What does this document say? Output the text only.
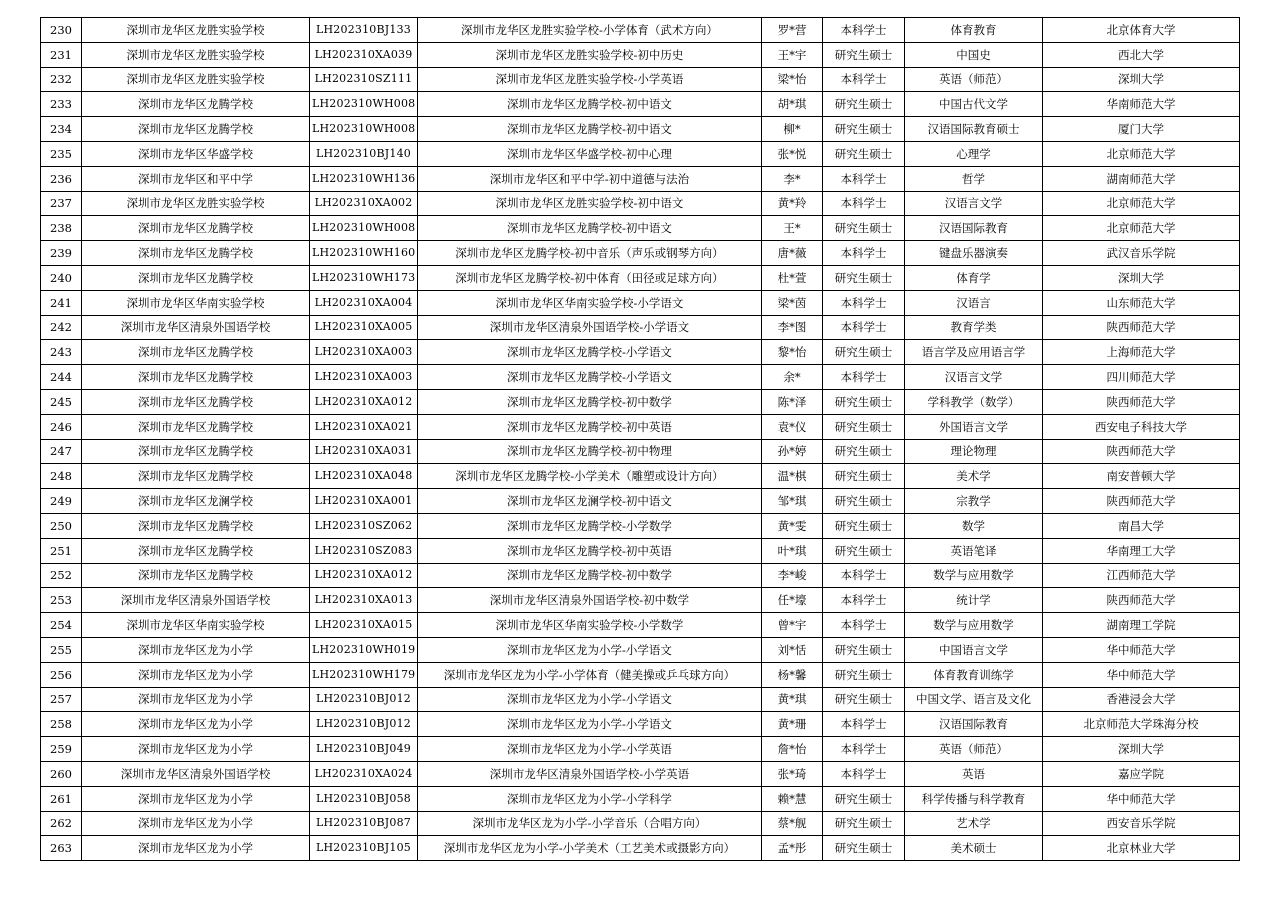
230	深圳市龙华区龙胜实验学校	LH202310BJ133	深圳市龙华区龙胜实验学校-小学体育（武术方向）	罗*营	本科学士	体育教育	北京体育大学
231	深圳市龙华区龙胜实验学校	LH202310XA039	深圳市龙华区龙胜实验学校-初中历史	王*宇	研究生硕士	中国史	西北大学
232	深圳市龙华区龙胜实验学校	LH202310SZ111	深圳市龙华区龙胜实验学校-小学英语	梁*怡	本科学士	英语（师范）	深圳大学
233	深圳市龙华区龙腾学校	LH202310WH008	深圳市龙华区龙腾学校-初中语文	胡*琪	研究生硕士	中国古代文学	华南师范大学
234	深圳市龙华区龙腾学校	LH202310WH008	深圳市龙华区龙腾学校-初中语文	柳*	研究生硕士	汉语国际教育硕士	厦门大学
235	深圳市龙华区华盛学校	LH202310BJ140	深圳市龙华区华盛学校-初中心理	张*悦	研究生硕士	心理学	北京师范大学
236	深圳市龙华区和平中学	LH202310WH136	深圳市龙华区和平中学-初中道德与法治	李*	本科学士	哲学	湖南师范大学
237	深圳市龙华区龙胜实验学校	LH202310XA002	深圳市龙华区龙胜实验学校-初中语文	黄*羚	本科学士	汉语言文学	北京师范大学
238	深圳市龙华区龙腾学校	LH202310WH008	深圳市龙华区龙腾学校-初中语文	王*	研究生硕士	汉语国际教育	北京师范大学
239	深圳市龙华区龙腾学校	LH202310WH160	深圳市龙华区龙腾学校-初中音乐（声乐或钢琴方向）	唐*薇	本科学士	键盘乐器演奏	武汉音乐学院
240	深圳市龙华区龙腾学校	LH202310WH173	深圳市龙华区龙腾学校-初中体育（田径或足球方向）	杜*萱	研究生硕士	体育学	深圳大学
241	深圳市龙华区华南实验学校	LH202310XA004	深圳市龙华区华南实验学校-小学语文	梁*茵	本科学士	汉语言	山东师范大学
242	深圳市龙华区清泉外国语学校	LH202310XA005	深圳市龙华区清泉外国语学校-小学语文	李*图	本科学士	教育学类	陕西师范大学
243	深圳市龙华区龙腾学校	LH202310XA003	深圳市龙华区龙腾学校-小学语文	黎*怡	研究生硕士	语言学及应用语言学	上海师范大学
244	深圳市龙华区龙腾学校	LH202310XA003	深圳市龙华区龙腾学校-小学语文	余*	本科学士	汉语言文学	四川师范大学
245	深圳市龙华区龙腾学校	LH202310XA012	深圳市龙华区龙腾学校-初中数学	陈*泽	研究生硕士	学科教学（数学）	陕西师范大学
246	深圳市龙华区龙腾学校	LH202310XA021	深圳市龙华区龙腾学校-初中英语	袁*仪	研究生硕士	外国语言文学	西安电子科技大学
247	深圳市龙华区龙腾学校	LH202310XA031	深圳市龙华区龙腾学校-初中物理	孙*婷	研究生硕士	理论物理	陕西师范大学
248	深圳市龙华区龙腾学校	LH202310XA048	深圳市龙华区龙腾学校-小学美术（雕塑或设计方向）	温*棋	研究生硕士	美术学	南安普顿大学
249	深圳市龙华区龙澜学校	LH202310XA001	深圳市龙华区龙澜学校-初中语文	邹*琪	研究生硕士	宗教学	陕西师范大学
250	深圳市龙华区龙腾学校	LH202310SZ062	深圳市龙华区龙腾学校-小学数学	黄*雯	研究生硕士	数学	南昌大学
251	深圳市龙华区龙腾学校	LH202310SZ083	深圳市龙华区龙腾学校-初中英语	叶*琪	研究生硕士	英语笔译	华南理工大学
252	深圳市龙华区龙腾学校	LH202310XA012	深圳市龙华区龙腾学校-初中数学	李*峻	本科学士	数学与应用数学	江西师范大学
253	深圳市龙华区清泉外国语学校	LH202310XA013	深圳市龙华区清泉外国语学校-初中数学	任*壕	本科学士	统计学	陕西师范大学
254	深圳市龙华区华南实验学校	LH202310XA015	深圳市龙华区华南实验学校-小学数学	曾*宇	本科学士	数学与应用数学	湖南理工学院
255	深圳市龙华区龙为小学	LH202310WH019	深圳市龙华区龙为小学-小学语文	刘*恬	研究生硕士	中国语言文学	华中师范大学
256	深圳市龙华区龙为小学	LH202310WH179	深圳市龙华区龙为小学-小学体育（健美操或乒乓球方向）	杨*馨	研究生硕士	体育教育训练学	华中师范大学
257	深圳市龙华区龙为小学	LH202310BJ012	深圳市龙华区龙为小学-小学语文	黄*琪	研究生硕士	中国文学、语言及文化	香港浸会大学
258	深圳市龙华区龙为小学	LH202310BJ012	深圳市龙华区龙为小学-小学语文	黄*珊	本科学士	汉语国际教育	北京师范大学珠海分校
259	深圳市龙华区龙为小学	LH202310BJ049	深圳市龙华区龙为小学-小学英语	詹*怡	本科学士	英语（师范）	深圳大学
260	深圳市龙华区清泉外国语学校	LH202310XA024	深圳市龙华区清泉外国语学校-小学英语	张*琦	本科学士	英语	嘉应学院
261	深圳市龙华区龙为小学	LH202310BJ058	深圳市龙华区龙为小学-小学科学	赖*慧	研究生硕士	科学传播与科学教育	华中师范大学
262	深圳市龙华区龙为小学	LH202310BJ087	深圳市龙华区龙为小学-小学音乐（合唱方向）	蔡*舰	研究生硕士	艺术学	西安音乐学院
263	深圳市龙华区龙为小学	LH202310BJ105	深圳市龙华区龙为小学-小学美术（工艺美术或摄影方向）	孟*彤	研究生硕士	美术硕士	北京林业大学
